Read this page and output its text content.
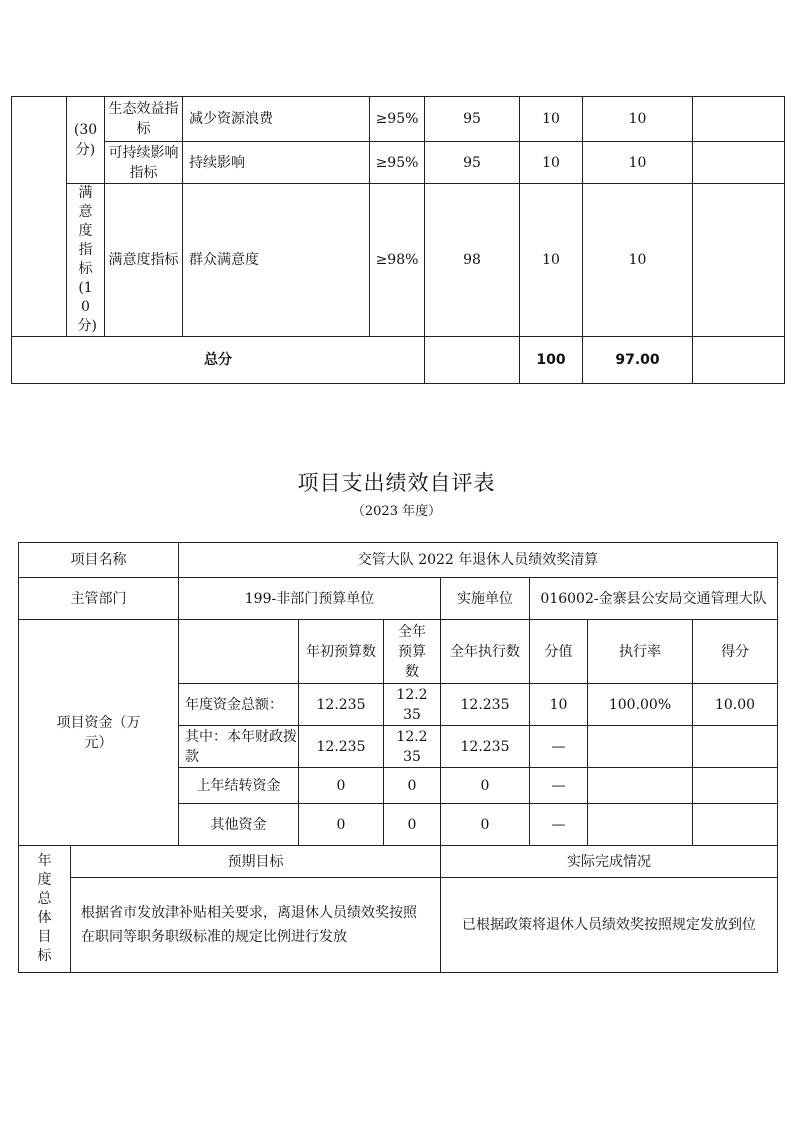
	(30分)	生态效益指标	减少资源浪费	≥95%	95	10	10	
		可持续影响指标	持续影响	≥95%	95	10	10	
	满意度指标(10分)	满意度指标	群众满意度	≥98%	98	10	10	
总分						100	97.00	
项目支出绩效自评表
（2023 年度）
项目名称		交管大队 2022 年退休人员绩效奖清算						
主管部门		199-非部门预算单位			实施单位	016002-金寨县公安局交通管理大队		
项目资金（万元）			年初预算数	全年预算数	全年执行数	分值	执行率	得分
		年度资金总额：	12.235	12.235	12.235	10	100.00%	10.00
		其中：本年财政拨款	12.235	12.235	12.235	—		
		上年结转资金	0	0	0	—		
		其他资金	0	0	0	—		
年度总体目标	预期目标				实际完成情况			
	根据省市发放津补贴相关要求，离退休人员绩效奖按照在职同等职务职级标准的规定比例进行发放				已根据政策将退休人员绩效奖按照规定发放到位			
